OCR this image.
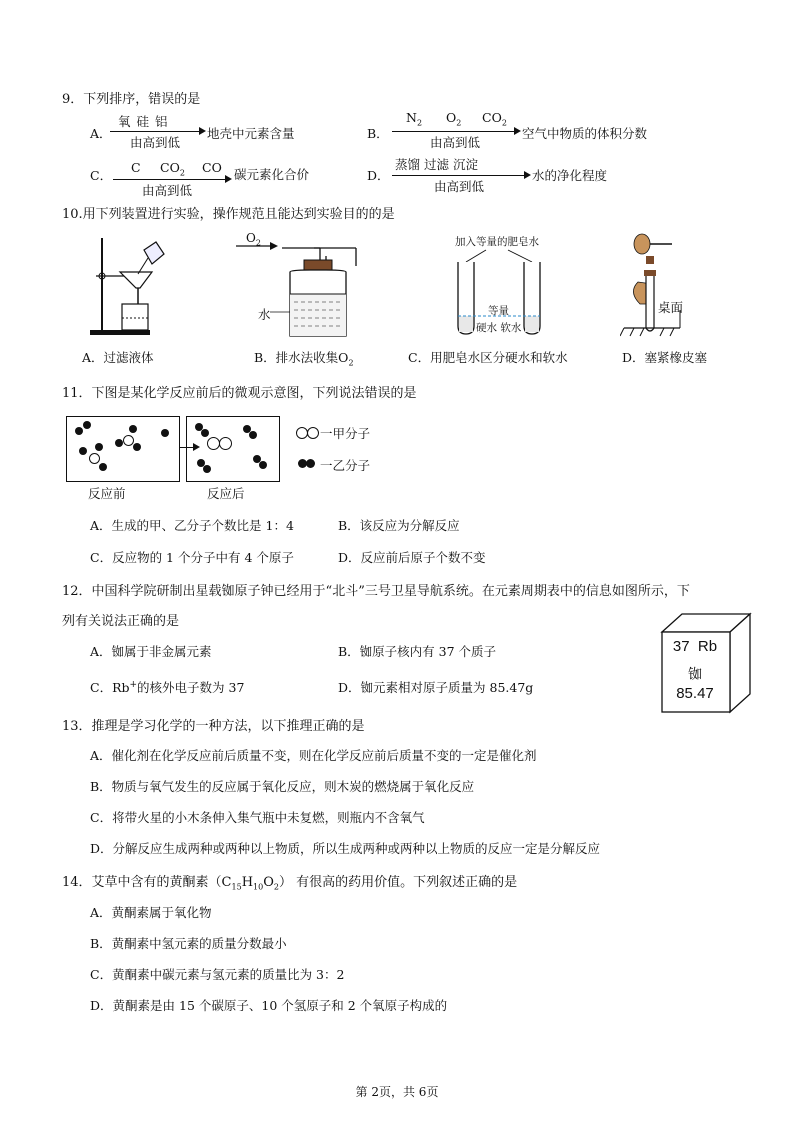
9．下列排序，错误的是
A．
氧 硅 铝
由高到低
地壳中元素含量	B．
$N_2$ $O_2$ $CO_2$
由高到低
空气中物质的体积分数
C．
C $CO_2$ CO
由高到低
碳元素化合价	D．
蒸馏 过滤 沉淀
由高到低
水的净化程度
10.用下列装置进行实验，操作规范且能达到实验目的的是
A．过滤液体
$O_2$
水
B．排水法收集$O_2$
加入等量的肥皂水
等量
硬水 软水
C．用肥皂水区分硬水和软水
桌面
D．塞紧橡皮塞
11．下图是某化学反应前后的微观示意图，下列说法错误的是
反应前	反应后
一甲分子
一乙分子
A．生成的甲、乙分子个数比是 1：4	B．该反应为分解反应
C．反应物的 1 个分子中有 4 个原子	D．反应前后原子个数不变
12．中国科学院研制出星载铷原子钟已经用于“北斗”三号卫星导航系统。在元素周期表中的信息如图所示，下
列有关说法正确的是
A．铷属于非金属元素	B．铷原子核内有 37 个质子
C．Rb+的核外电子数为 37	D．铷元素相对原子质量为 85.47g
37 Rb
铷
85.47
13．推理是学习化学的一种方法，以下推理正确的是
A．催化剂在化学反应前后质量不变，则在化学反应前后质量不变的一定是催化剂
B．物质与氧气发生的反应属于氧化反应，则木炭的燃烧属于氧化反应
C．将带火星的小木条伸入集气瓶中未复燃，则瓶内不含氧气
D．分解反应生成两种或两种以上物质，所以生成两种或两种以上物质的反应一定是分解反应
14．艾草中含有的黄酮素$(C_{15}H_{10}O_2)$ 有很高的药用价值。下列叙述正确的是
A．黄酮素属于氧化物
B．黄酮素中氢元素的质量分数最小
C．黄酮素中碳元素与氢元素的质量比为 3：2
D．黄酮素是由 15 个碳原子、10 个氢原子和 2 个氧原子构成的
第 2页，共 6页
